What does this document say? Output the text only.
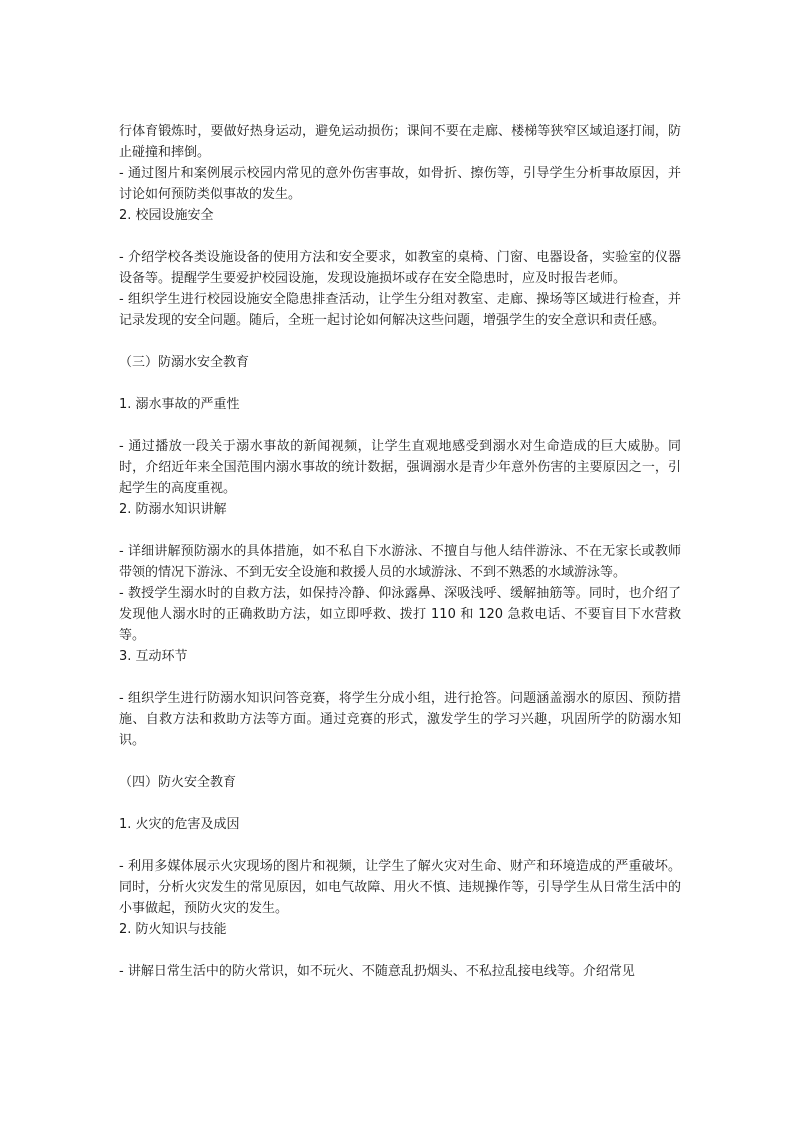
行体育锻炼时，要做好热身运动，避免运动损伤；课间不要在走廊、楼梯等狭窄区域追逐打闹，防止碰撞和摔倒。

- 通过图片和案例展示校园内常见的意外伤害事故，如骨折、擦伤等，引导学生分析事故原因，并讨论如何预防类似事故的发生。

2. 校园设施安全

- 介绍学校各类设施设备的使用方法和安全要求，如教室的桌椅、门窗、电器设备，实验室的仪器设备等。提醒学生要爱护校园设施，发现设施损坏或存在安全隐患时，应及时报告老师。

- 组织学生进行校园设施安全隐患排查活动，让学生分组对教室、走廊、操场等区域进行检查，并记录发现的安全问题。随后，全班一起讨论如何解决这些问题，增强学生的安全意识和责任感。

（三）防溺水安全教育

1. 溺水事故的严重性

- 通过播放一段关于溺水事故的新闻视频，让学生直观地感受到溺水对生命造成的巨大威胁。同时，介绍近年来全国范围内溺水事故的统计数据，强调溺水是青少年意外伤害的主要原因之一，引起学生的高度重视。

2. 防溺水知识讲解

- 详细讲解预防溺水的具体措施，如不私自下水游泳、不擅自与他人结伴游泳、不在无家长或教师带领的情况下游泳、不到无安全设施和救援人员的水域游泳、不到不熟悉的水域游泳等。

- 教授学生溺水时的自救方法，如保持冷静、仰泳露鼻、深吸浅呼、缓解抽筋等。同时，也介绍了发现他人溺水时的正确救助方法，如立即呼救、拨打 110 和 120 急救电话、不要盲目下水营救等。

3. 互动环节

- 组织学生进行防溺水知识问答竞赛，将学生分成小组，进行抢答。问题涵盖溺水的原因、预防措施、自救方法和救助方法等方面。通过竞赛的形式，激发学生的学习兴趣，巩固所学的防溺水知识。

（四）防火安全教育

1. 火灾的危害及成因

- 利用多媒体展示火灾现场的图片和视频，让学生了解火灾对生命、财产和环境造成的严重破坏。同时，分析火灾发生的常见原因，如电气故障、用火不慎、违规操作等，引导学生从日常生活中的小事做起，预防火灾的发生。

2. 防火知识与技能

- 讲解日常生活中的防火常识，如不玩火、不随意乱扔烟头、不私拉乱接电线等。介绍常见
